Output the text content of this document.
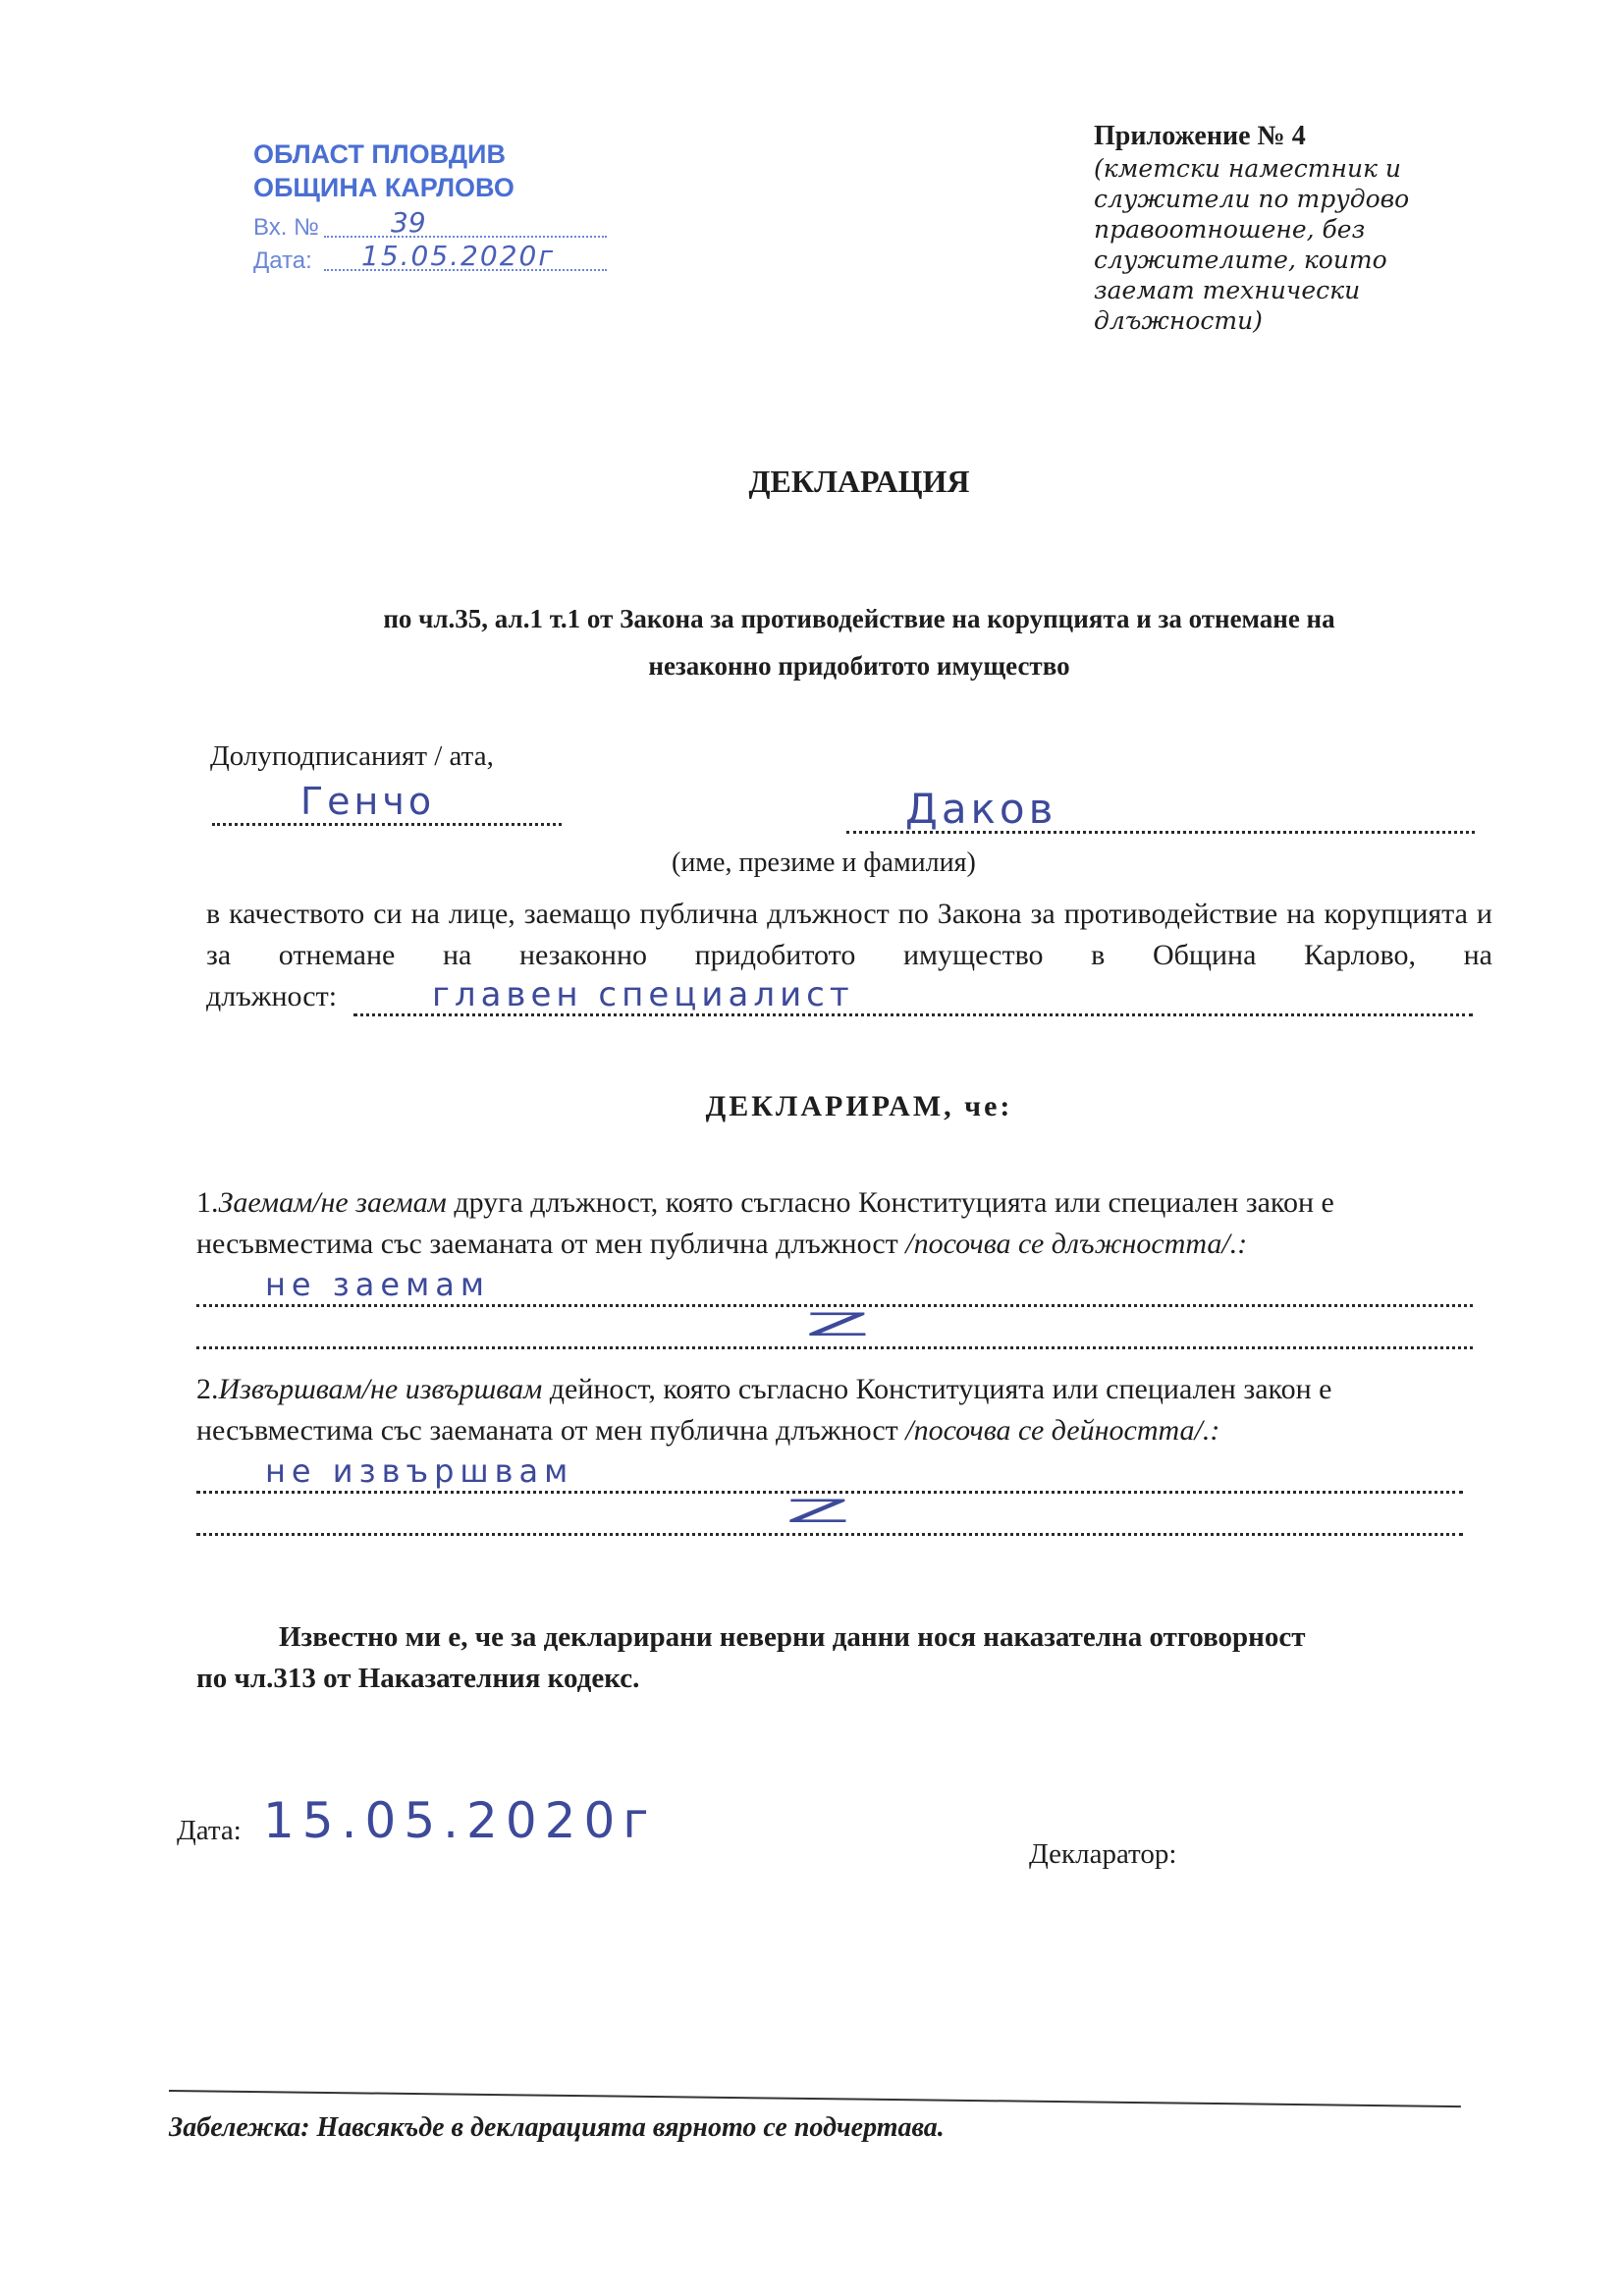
ОБЛАСТ ПЛОВДИВ
ОБЩИНА КАРЛОВО
Вх. №	39
Дата: 15.05.2020г
Приложение № 4
(кметски наместник и
служители по трудово
правоотношене, без
служителите, които
заемат технически
длъжности)
ДЕКЛАРАЦИЯ
по чл.35, ал.1 т.1 от Закона за противодействие на корупцията и за отнемане на
незаконно придобитото имущество
Долуподписаният / ата,
Генчо	Даков
(име, презиме и фамилия)
в качеството си на лице, заемащо публична длъжност по Закона за противодействие на корупцията и за отнемане на незаконно придобитото имущество в Община Карлово, на
длъжност:	главен специалист
ДЕКЛАРИРАМ, че:
1.Заемам/не заемам другa длъжност, която съгласно Конституцията или специален закон е
несъвместима със заеманата от мен публична длъжност /посочва се длъжността/.:
не заемам
Z
2.Извършвам/не извършвам дейност, която съгласно Конституцията или специален закон е
несъвместима със заеманата от мен публична длъжност /посочва се дейността/.:
не извършвам
Z
Известно ми е, че за декларирани неверни данни нося наказателна отговорност
по чл.313 от Наказателния кодекс.
Дата: 15.05.2020г
Декларатор:
Забележка: Навсякъде в декларацията вярното се подчертава.
